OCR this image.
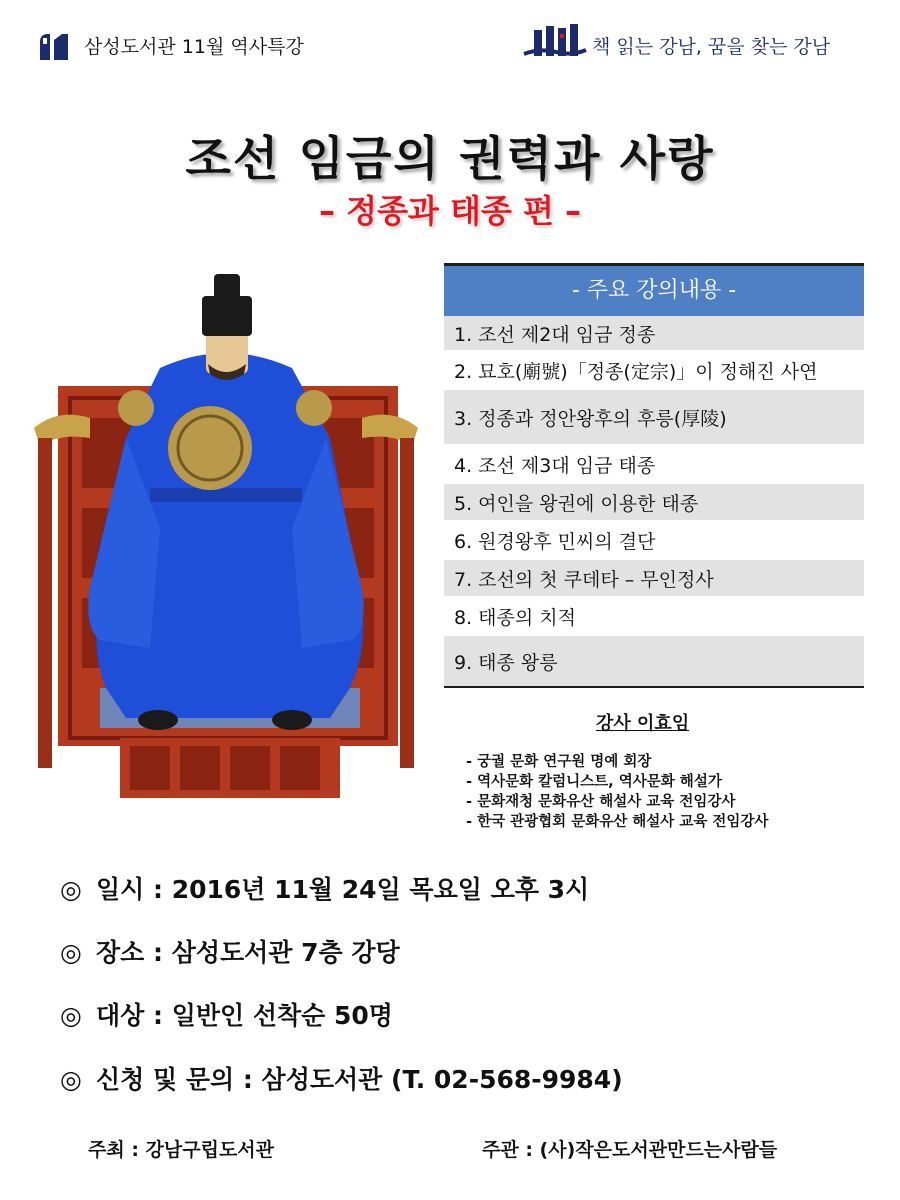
삼성도서관 11월 역사특강	책 읽는 강남, 꿈을 찾는 강남
조선 임금의 권력과 사랑
– 정종과 태종 편 –
- 주요 강의내용 -
1. 조선 제2대 임금 정종
2. 묘호(廟號)「정종(定宗)」이 정해진 사연
3. 정종과 정안왕후의 후릉(厚陵)
4. 조선 제3대 임금 태종
5. 여인을 왕권에 이용한 태종
6. 원경왕후 민씨의 결단
7. 조선의 첫 쿠데타 – 무인정사
8. 태종의 치적
9. 태종 왕릉
강사 이효임
- 궁궐 문화 연구원 명예 회장
- 역사문화 칼럼니스트, 역사문화 해설가
- 문화재청 문화유산 해설사 교육 전임강사
- 한국 관광협회 문화유산 해설사 교육 전임강사
◎ 일시 : 2016년 11월 24일 목요일 오후 3시
◎ 장소 : 삼성도서관 7층 강당
◎ 대상 : 일반인 선착순 50명
◎ 신청 및 문의 : 삼성도서관 (T. 02-568-9984)
주최 : 강남구립도서관	주관 : (사)작은도서관만드는사람들
